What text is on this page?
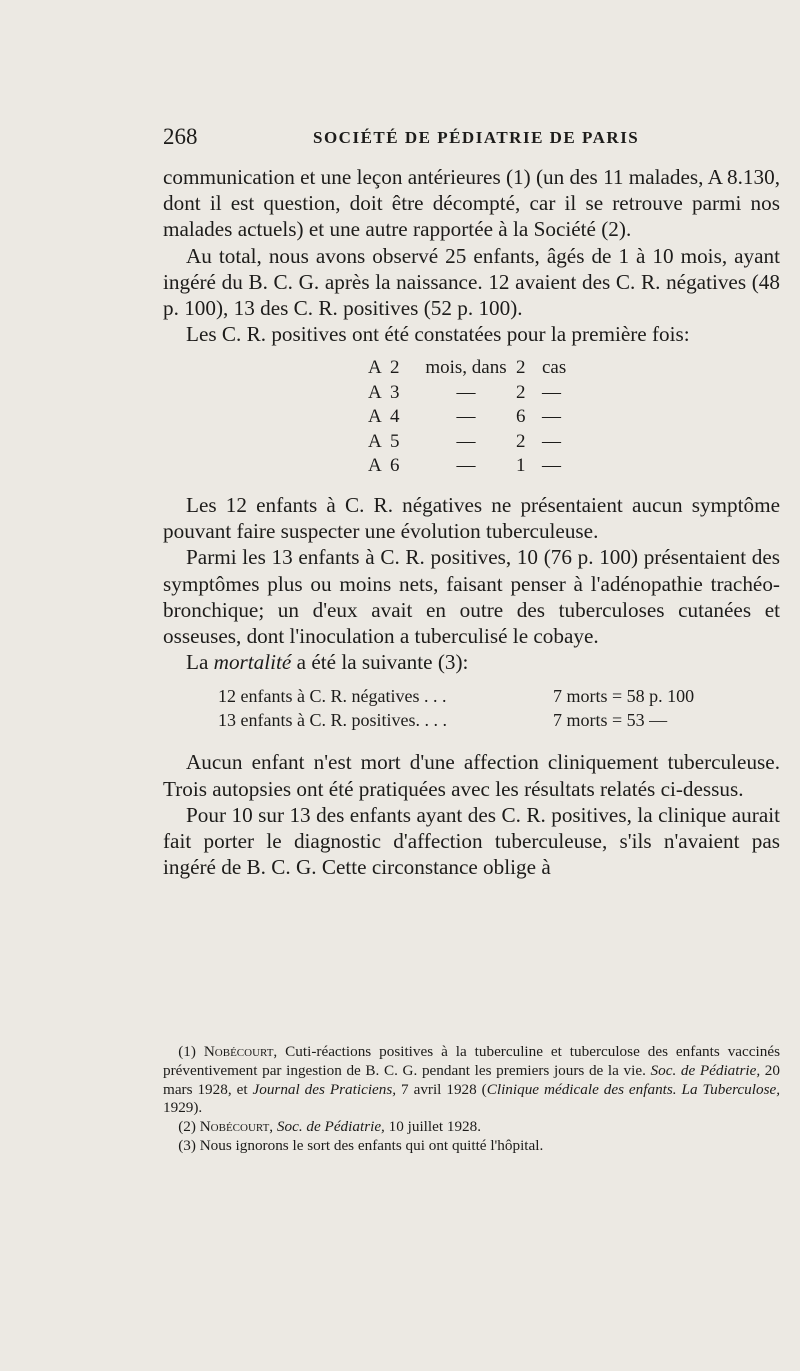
268	SOCIÉTÉ DE PÉDIATRIE DE PARIS

communication et une leçon antérieures (1) (un des 11 malades, A 8.130, dont il est question, doit être décompté, car il se retrouve parmi nos malades actuels) et une autre rapportée à la Société (2).

Au total, nous avons observé 25 enfants, âgés de 1 à 10 mois, ayant ingéré du B. C. G. après la naissance. 12 avaient des C. R. négatives (48 p. 100), 13 des C. R. positives (52 p. 100).

Les C. R. positives ont été constatées pour la première fois:

A 2	mois, dans 2 cas
A 3	—	2 —
A 4	—	6 —
A 5	—	2 —
A 6	—	1 —

Les 12 enfants à C. R. négatives ne présentaient aucun symptôme pouvant faire suspecter une évolution tuberculeuse.

Parmi les 13 enfants à C. R. positives, 10 (76 p. 100) présentaient des symptômes plus ou moins nets, faisant penser à l'adénopathie trachéo-bronchique; un d'eux avait en outre des tuberculoses cutanées et osseuses, dont l'inoculation a tuberculisé le cobaye.

La mortalité a été la suivante (3):

12 enfants à C. R. négatives . . .	7 morts = 58 p. 100
13 enfants à C. R. positives. . . .	7 morts = 53 —

Aucun enfant n'est mort d'une affection cliniquement tuberculeuse. Trois autopsies ont été pratiquées avec les résultats relatés ci-dessus.

Pour 10 sur 13 des enfants ayant des C. R. positives, la clinique aurait fait porter le diagnostic d'affection tuberculeuse, s'ils n'avaient pas ingéré de B. C. G. Cette circonstance oblige à

  (1) Nobécourt, Cuti-réactions positives à la tuberculine et tuberculose des enfants vaccinés préventivement par ingestion de B. C. G. pendant les premiers jours de la vie. Soc. de Pédiatrie, 20 mars 1928, et Journal des Praticiens, 7 avril 1928 (Clinique médicale des enfants. La Tuberculose, 1929).
  (2) Nobécourt, Soc. de Pédiatrie, 10 juillet 1928.
  (3) Nous ignorons le sort des enfants qui ont quitté l'hôpital.
